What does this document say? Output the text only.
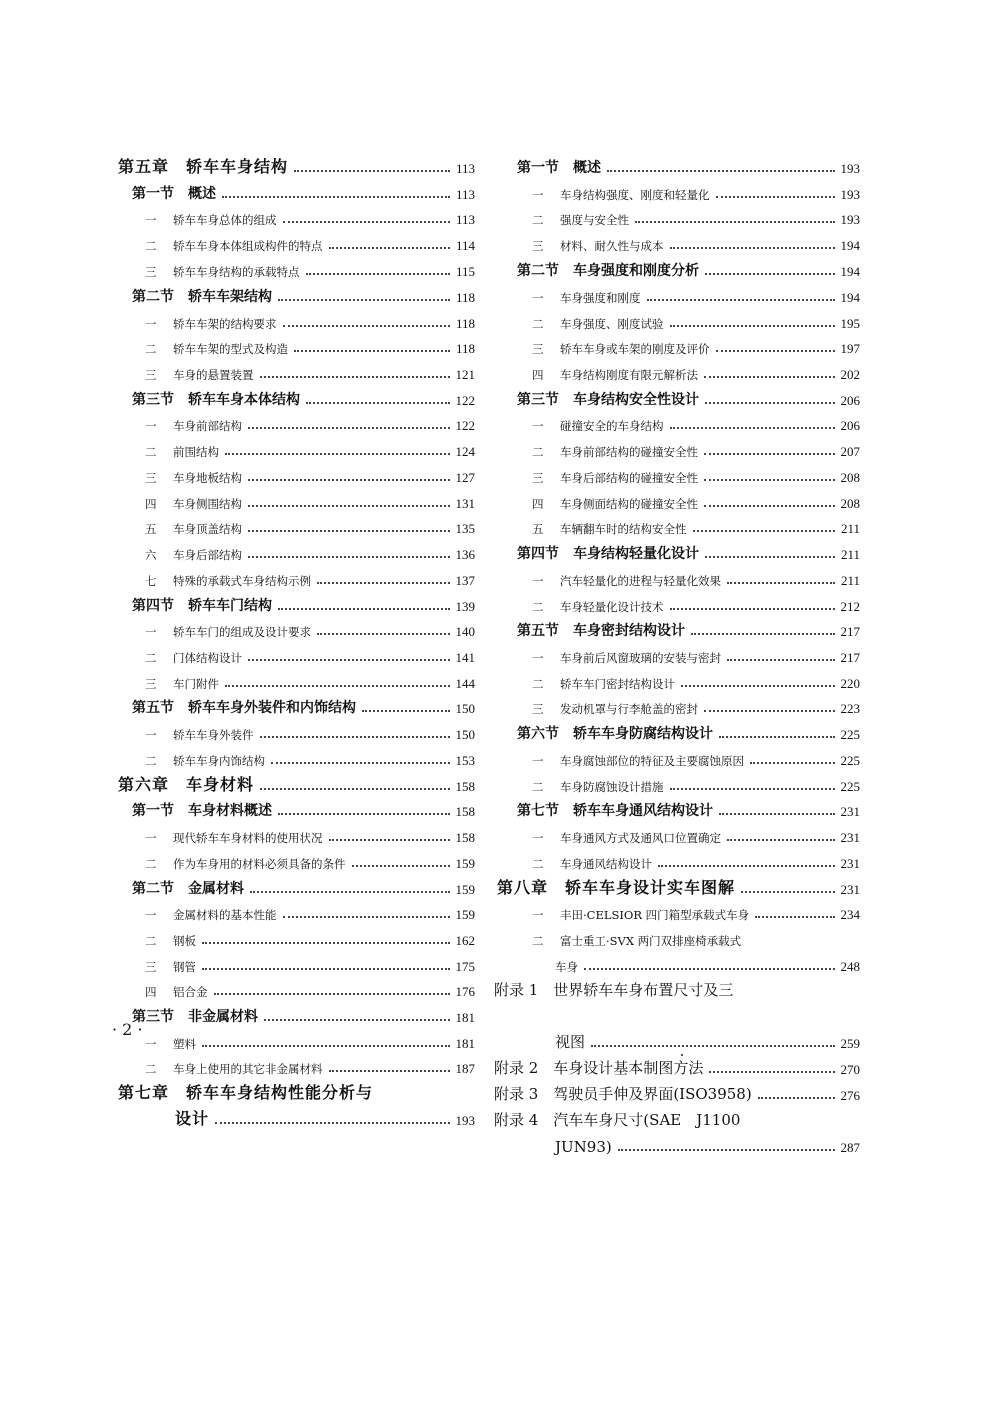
第五章　轿车车身结构	113
第一节　概述	113
一	轿车车身总体的组成	113
二	轿车车身本体组成构件的特点	114
三	轿车车身结构的承载特点	115
第二节　轿车车架结构	118
一	轿车车架的结构要求	118
二	轿车车架的型式及构造	118
三	车身的悬置装置	121
第三节　轿车车身本体结构	122
一	车身前部结构	122
二	前围结构	124
三	车身地板结构	127
四	车身侧围结构	131
五	车身顶盖结构	135
六	车身后部结构	136
七	特殊的承载式车身结构示例	137
第四节　轿车车门结构	139
一	轿车车门的组成及设计要求	140
二	门体结构设计	141
三	车门附件	144
第五节　轿车车身外装件和内饰结构	150
一	轿车车身外装件	150
二	轿车车身内饰结构	153
第六章　车身材料	158
第一节　车身材料概述	158
一	现代轿车车身材料的使用状况	158
二	作为车身用的材料必须具备的条件	159
第二节　金属材料	159
一	金属材料的基本性能	159
二	钢板	162
三	钢管	175
四	铝合金	176
第三节　非金属材料	181
一	塑料	181
二	车身上使用的其它非金属材料	187
第七章　轿车车身结构性能分析与
设计	193
第一节　概述	193
一	车身结构强度、刚度和轻量化	193
二	强度与安全性	193
三	材料、耐久性与成本	194
第二节　车身强度和刚度分析	194
一	车身强度和刚度	194
二	车身强度、刚度试验	195
三	轿车车身或车架的刚度及评价	197
四	车身结构刚度有限元解析法	202
第三节　车身结构安全性设计	206
一	碰撞安全的车身结构	206
二	车身前部结构的碰撞安全性	207
三	车身后部结构的碰撞安全性	208
四	车身侧面结构的碰撞安全性	208
五	车辆翻车时的结构安全性	211
第四节　车身结构轻量化设计	211
一	汽车轻量化的进程与轻量化效果	211
二	车身轻量化设计技术	212
第五节　车身密封结构设计	217
一	车身前后风窗玻璃的安装与密封	217
二	轿车车门密封结构设计	220
三	发动机罩与行李舱盖的密封	223
第六节　轿车车身防腐结构设计	225
一	车身腐蚀部位的特征及主要腐蚀原因	225
二	车身防腐蚀设计措施	225
第七节　轿车车身通风结构设计	231
一	车身通风方式及通风口位置确定	231
二	车身通风结构设计	231
第八章　轿车车身设计实车图解	231
一	丰田·CELSIOR 四门箱型承载式车身	234
二	富士重工·SVX 两门双排座椅承载式
车身	248
附录 1　世界轿车车身布置尺寸及三
视图	259
附录 2　车身设计基本制图方法	270
附录 3　驾驶员手伸及界面(ISO3958)	276
附录 4　汽车车身尺寸(SAE　J1100
JUN93)	287
· 2 ·
